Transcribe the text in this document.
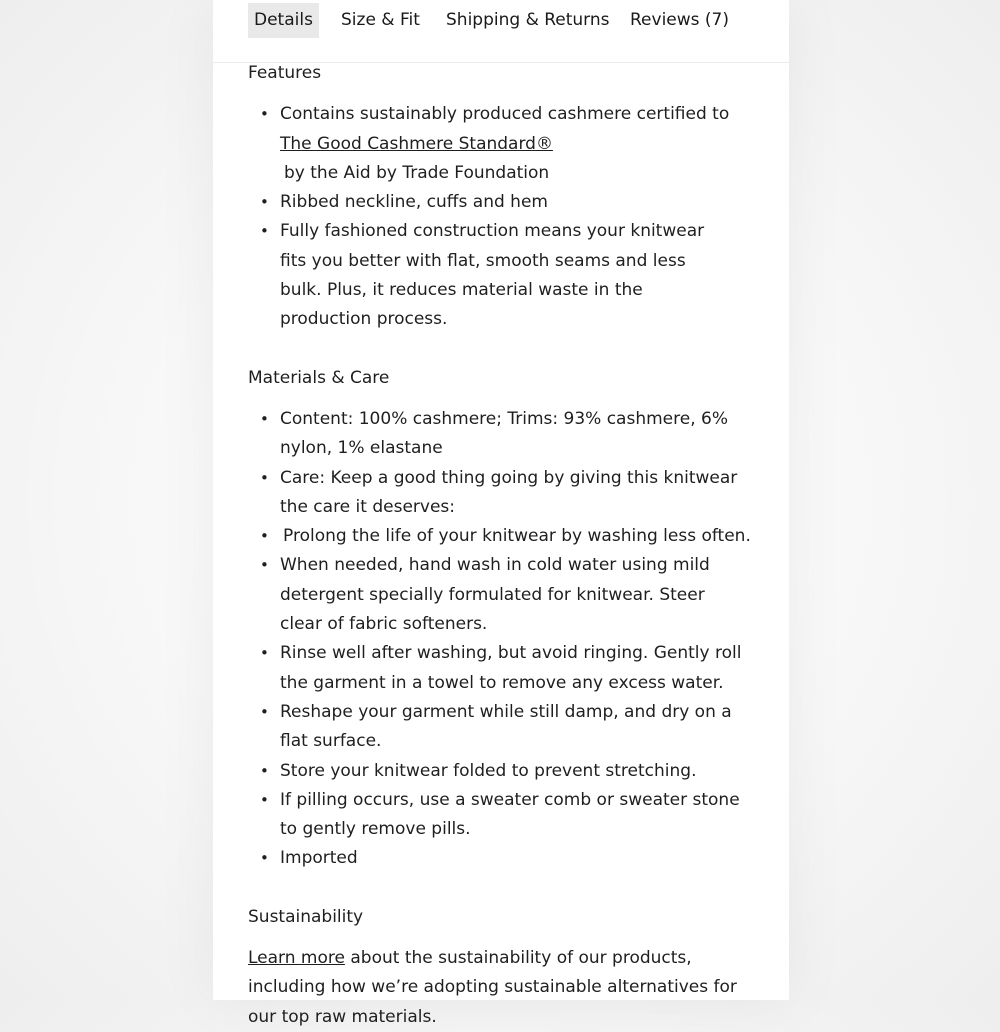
Details	Size & Fit Shipping & Returns Reviews (7)
Features
• Contains sustainably produced cashmere certified to
The Good Cashmere Standard®
by the Aid by Trade Foundation
• Ribbed neckline, cuffs and hem
• Fully fashioned construction means your knitwear fits you better with flat, smooth seams and less bulk. Plus, it reduces material waste in the production process.
Materials & Care
• Content: 100% cashmere; Trims: 93% cashmere, 6% nylon, 1% elastane
• Care: Keep a good thing going by giving this knitwear the care it deserves:
• Prolong the life of your knitwear by washing less often.
• When needed, hand wash in cold water using mild detergent specially formulated for knitwear. Steer clear of fabric softeners.
• Rinse well after washing, but avoid ringing. Gently roll the garment in a towel to remove any excess water.
• Reshape your garment while still damp, and dry on a flat surface.
• Store your knitwear folded to prevent stretching.
• If pilling occurs, use a sweater comb or sweater stone to gently remove pills.
• Imported
Sustainability

Learn more about the sustainability of our products, including how we’re adopting sustainable alternatives for our top raw materials.
